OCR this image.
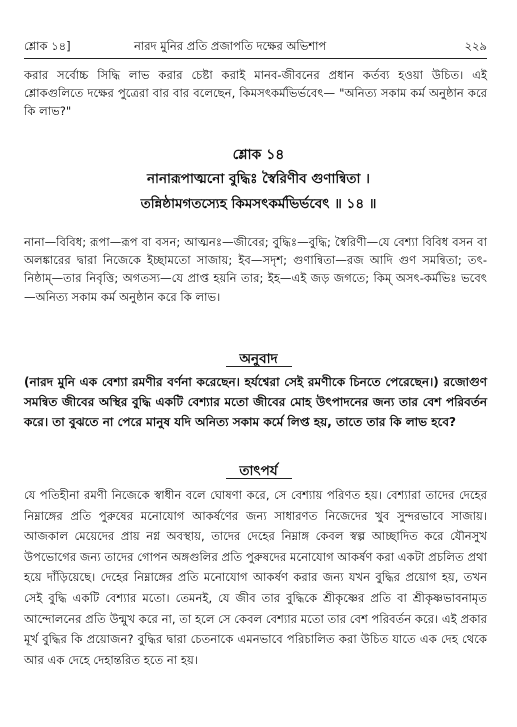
শ্লোক ১৪]	নারদ মুনির প্রতি প্রজাপতি দক্ষের অভিশাপ	২২৯
করার সর্বোচ্চ সিদ্ধি লাভ করার চেষ্টা করাই মানব-জীবনের প্রধান কর্তব্য হওয়া উচিত। এই শ্লোকগুলিতে দক্ষের পুত্রেরা বার বার বলেছেন, কিমসৎকর্মভির্ভবেৎ— "অনিত্য সকাম কর্ম অনুষ্ঠান করে কি লাভ?"
শ্লোক ১৪
নানারূপাত্মনো বুদ্ধিঃ স্বৈরিণীব গুণান্বিতা ।
তন্নিষ্ঠামগতস্যেহ কিমসৎকর্মভির্ভবেৎ ॥ ১৪ ॥
নানা—বিবিধ; রূপা—রূপ বা বসন; আত্মনঃ—জীবের; বুদ্ধিঃ—বুদ্ধি; স্বৈরিণী—যে বেশ্যা বিবিধ বসন বা অলঙ্কারের দ্বারা নিজেকে ইচ্ছামতো সাজায়; ইব—সদৃশ; গুণান্বিতা—রজ আদি গুণ সমন্বিতা; তৎ-নিষ্ঠাম্—তার নিবৃত্তি; অগতস্য—যে প্রাপ্ত হয়নি তার; ইহ—এই জড় জগতে; কিম্ অসৎ-কর্মভিঃ ভবেৎ—অনিত্য সকাম কর্ম অনুষ্ঠান করে কি লাভ।
অনুবাদ
(নারদ মুনি এক বেশ্যা রমণীর বর্ণনা করেছেন। হর্যশ্বেরা সেই রমণীকে চিনতে পেরেছেন।) রজোগুণ সমন্বিত জীবের অস্থির বুদ্ধি একটি বেশ্যার মতো জীবের মোহ উৎপাদনের জন্য তার বেশ পরিবর্তন করে। তা বুঝতে না পেরে মানুষ যদি অনিত্য সকাম কর্মে লিপ্ত হয়, তাতে তার কি লাভ হবে?
তাৎপর্য
যে পতিহীনা রমণী নিজেকে স্বাধীন বলে ঘোষণা করে, সে বেশ্যায় পরিণত হয়। বেশ্যারা তাদের দেহের নিম্নাঙ্গের প্রতি পুরুষের মনোযোগ আকর্ষণের জন্য সাধারণত নিজেদের খুব সুন্দরভাবে সাজায়। আজকাল মেয়েদের প্রায় নগ্ন অবস্থায়, তাদের দেহের নিম্নাঙ্গ কেবল স্বল্প আচ্ছাদিত করে যৌনসুখ উপভোগের জন্য তাদের গোপন অঙ্গগুলির প্রতি পুরুষদের মনোযোগ আকর্ষণ করা একটা প্রচলিত প্রথা হয়ে দাঁড়িয়েছে। দেহের নিম্নাঙ্গের প্রতি মনোযোগ আকর্ষণ করার জন্য যখন বুদ্ধির প্রয়োগ হয়, তখন সেই বুদ্ধি একটি বেশ্যার মতো। তেমনই, যে জীব তার বুদ্ধিকে শ্রীকৃষ্ণের প্রতি বা শ্রীকৃষ্ণভাবনামৃত আন্দোলনের প্রতি উন্মুখ করে না, তা হলে সে কেবল বেশ্যার মতো তার বেশ পরিবর্তন করে। এই প্রকার মূর্খ বুদ্ধির কি প্রয়োজন? বুদ্ধির দ্বারা চেতনাকে এমনভাবে পরিচালিত করা উচিত যাতে এক দেহ থেকে আর এক দেহে দেহান্তরিত হতে না হয়।
